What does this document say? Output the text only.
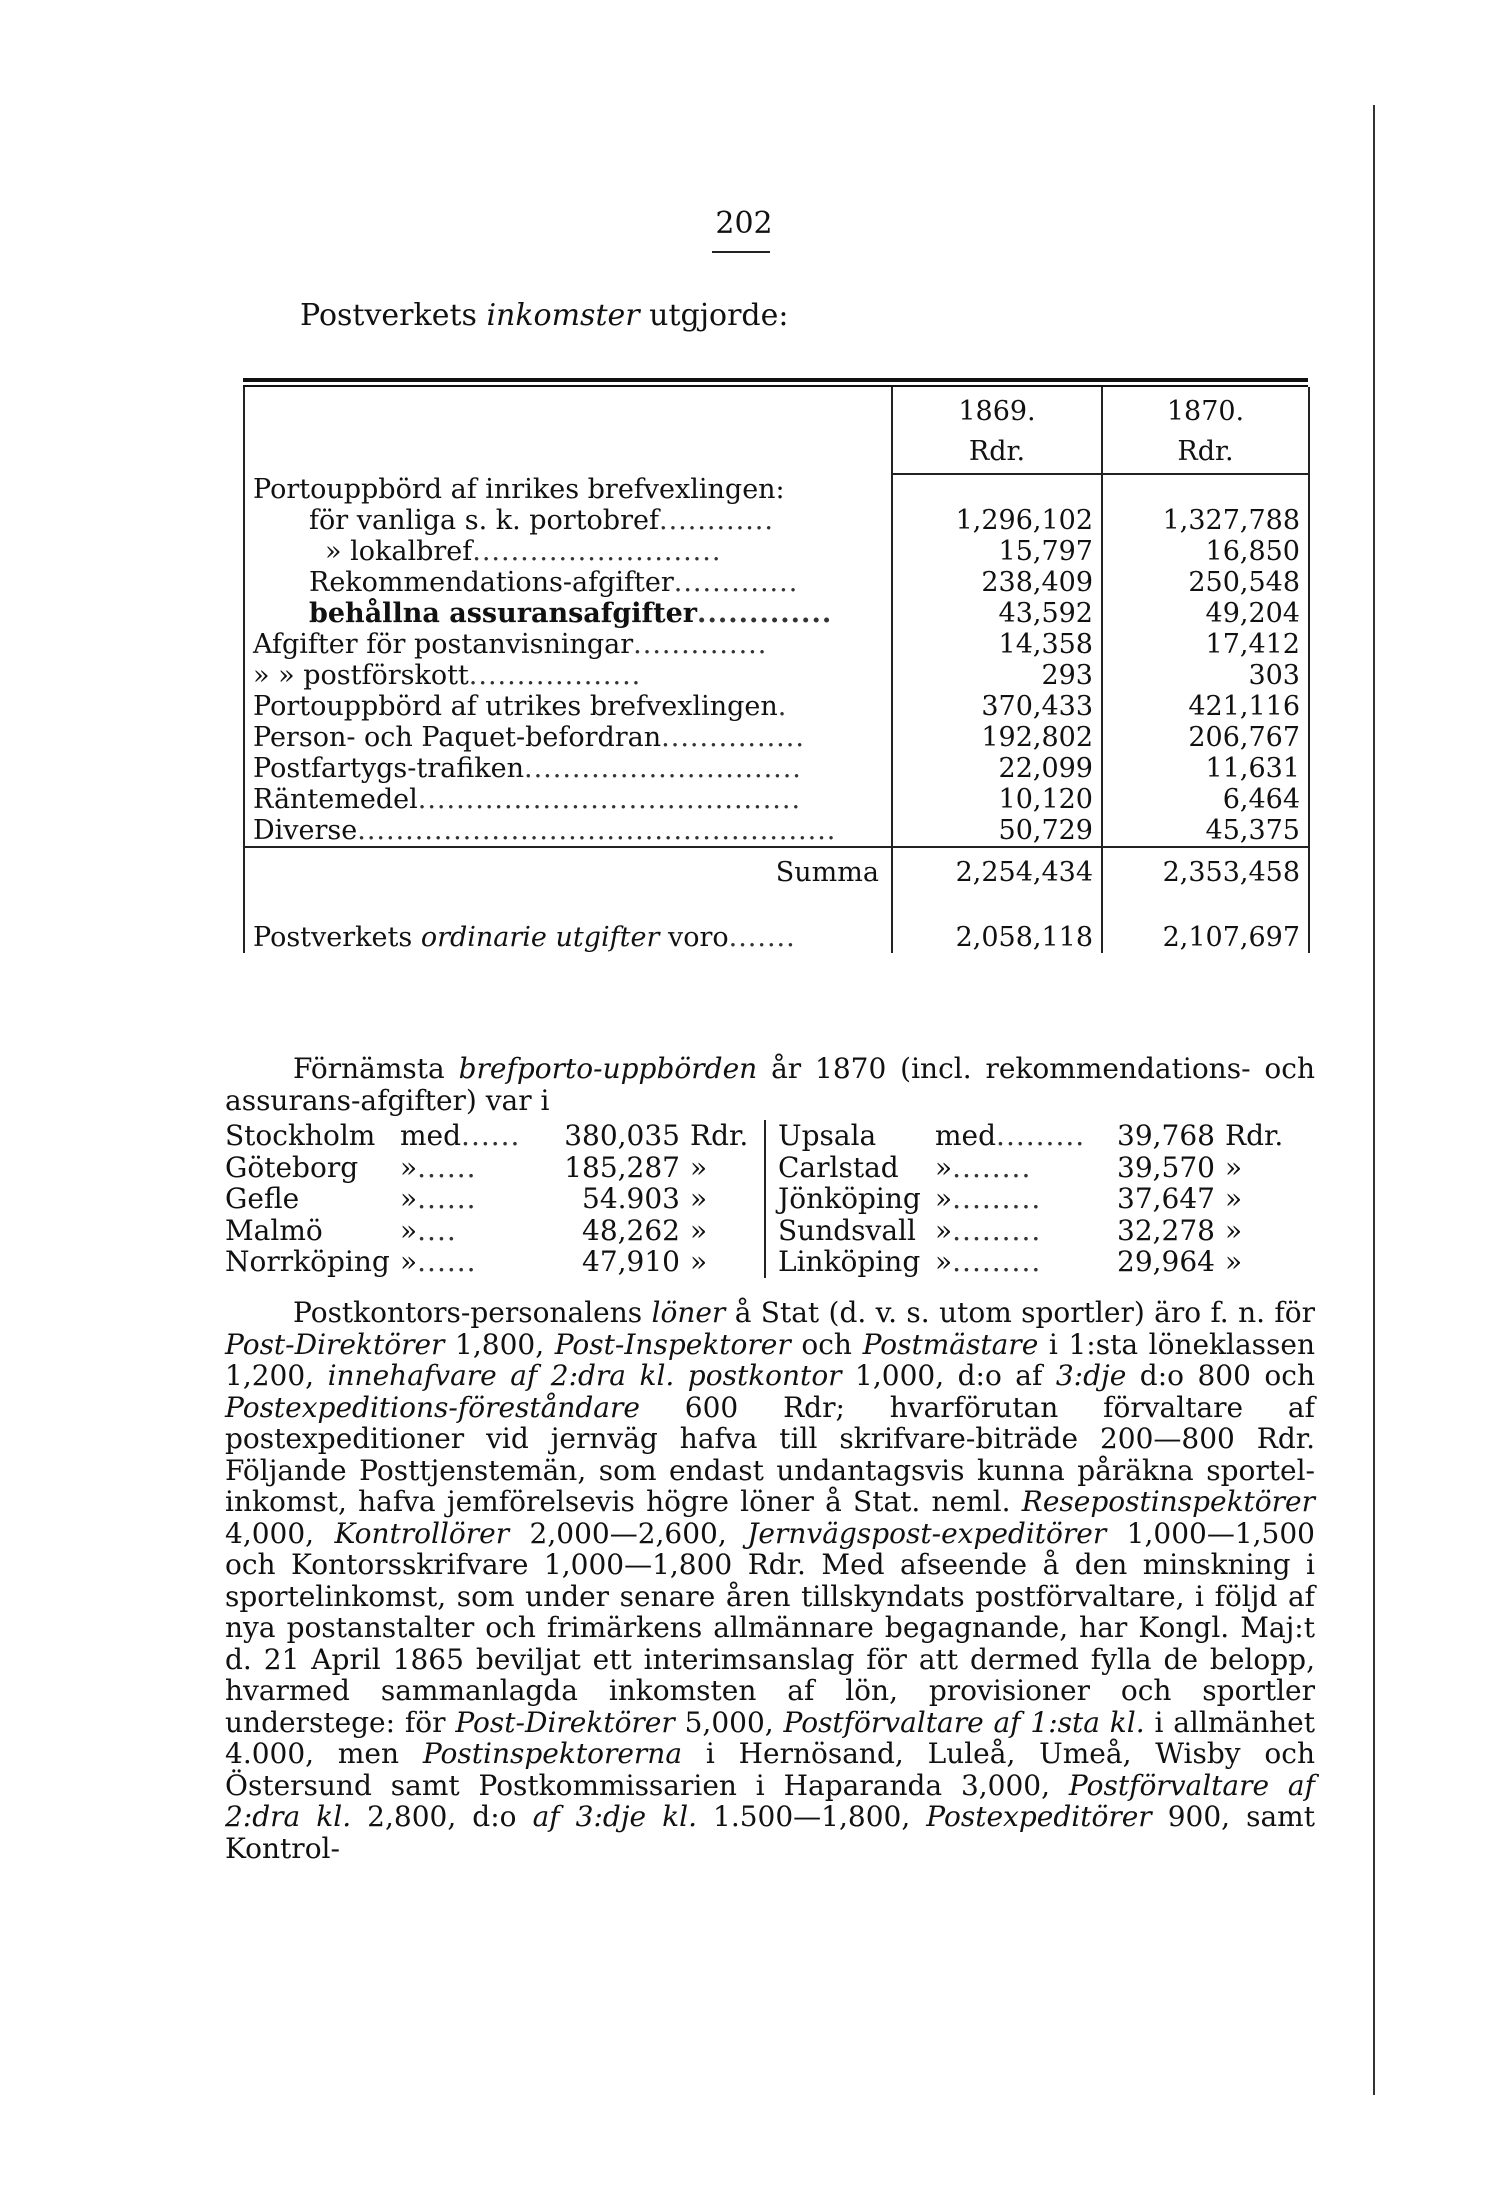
202
Postverkets inkomster utgjorde:
	1869.	1870.
	Rdr.	Rdr.

Portouppbörd af inrikes brefvexlingen:		
för vanliga s. k. portobref............	1,296,102	1,327,788
» lokalbref..........................	15,797	16,850
Rekommendations-afgifter.............	238,409	250,548
behållna assuransafgifter.............	43,592	49,204
Afgifter för postanvisningar..............	14,358	17,412
» » postförskott..................	293	303
Portouppbörd af utrikes brefvexlingen.	370,433	421,116
Person- och Paquet-befordran...............	192,802	206,767
Postfartygs-trafiken.............................	22,099	11,631
Räntemedel........................................	10,120	6,464
Diverse..................................................	50,729	45,375
Summa	2,254,434	2,353,458

Postverkets ordinarie utgifter voro.......	2,058,118	2,107,697
Förnämsta brefporto-uppbörden år 1870 (incl. rekommendations- och assurans-afgifter) var i
Stockholm	med......	380,035	Rdr.	Upsala	med.........	39,768	Rdr.
Göteborg	»......	185,287	»	Carlstad	»........	39,570	»
Gefle	»......	54.903	»	Jönköping	».........	37,647	»
Malmö	»....	48,262	»	Sundsvall	».........	32,278	»
Norrköping	»......	47,910	»	Linköping	».........	29,964	»
Postkontors-personalens löner å Stat (d. v. s. utom sportler) äro f. n. för Post-Direktörer 1,800, Post-Inspektorer och Postmästare i 1:sta löneklassen 1,200, innehafvare af 2:dra kl. postkontor 1,000, d:o af 3:dje d:o 800 och Postexpeditions-föreståndare 600 Rdr; hvarförutan förvaltare af postexpeditioner vid jernväg hafva till skrifvare-biträde 200—800 Rdr. Följande Posttjenstemän, som endast undantagsvis kunna påräkna sportel-inkomst, hafva jemförelsevis högre löner å Stat. neml. Resepostinspektörer 4,000, Kontrollörer 2,000—2,600, Jernvägspost-expeditörer 1,000—1,500 och Kontorsskrifvare 1,000—1,800 Rdr. Med afseende å den minskning i sportelinkomst, som under senare åren tillskyndats postförvaltare, i följd af nya postanstalter och frimärkens allmännare begagnande, har Kongl. Maj:t d. 21 April 1865 beviljat ett interimsanslag för att dermed fylla de belopp, hvarmed sammanlagda inkomsten af lön, provisioner och sportler understege: för Post-Direktörer 5,000, Postförvaltare af 1:sta kl. i allmänhet 4.000, men Postinspektorerna i Hernösand, Luleå, Umeå, Wisby och Östersund samt Postkommissarien i Haparanda 3,000, Postförvaltare af 2:dra kl. 2,800, d:o af 3:dje kl. 1.500—1,800, Postexpeditörer 900, samt Kontrol-
